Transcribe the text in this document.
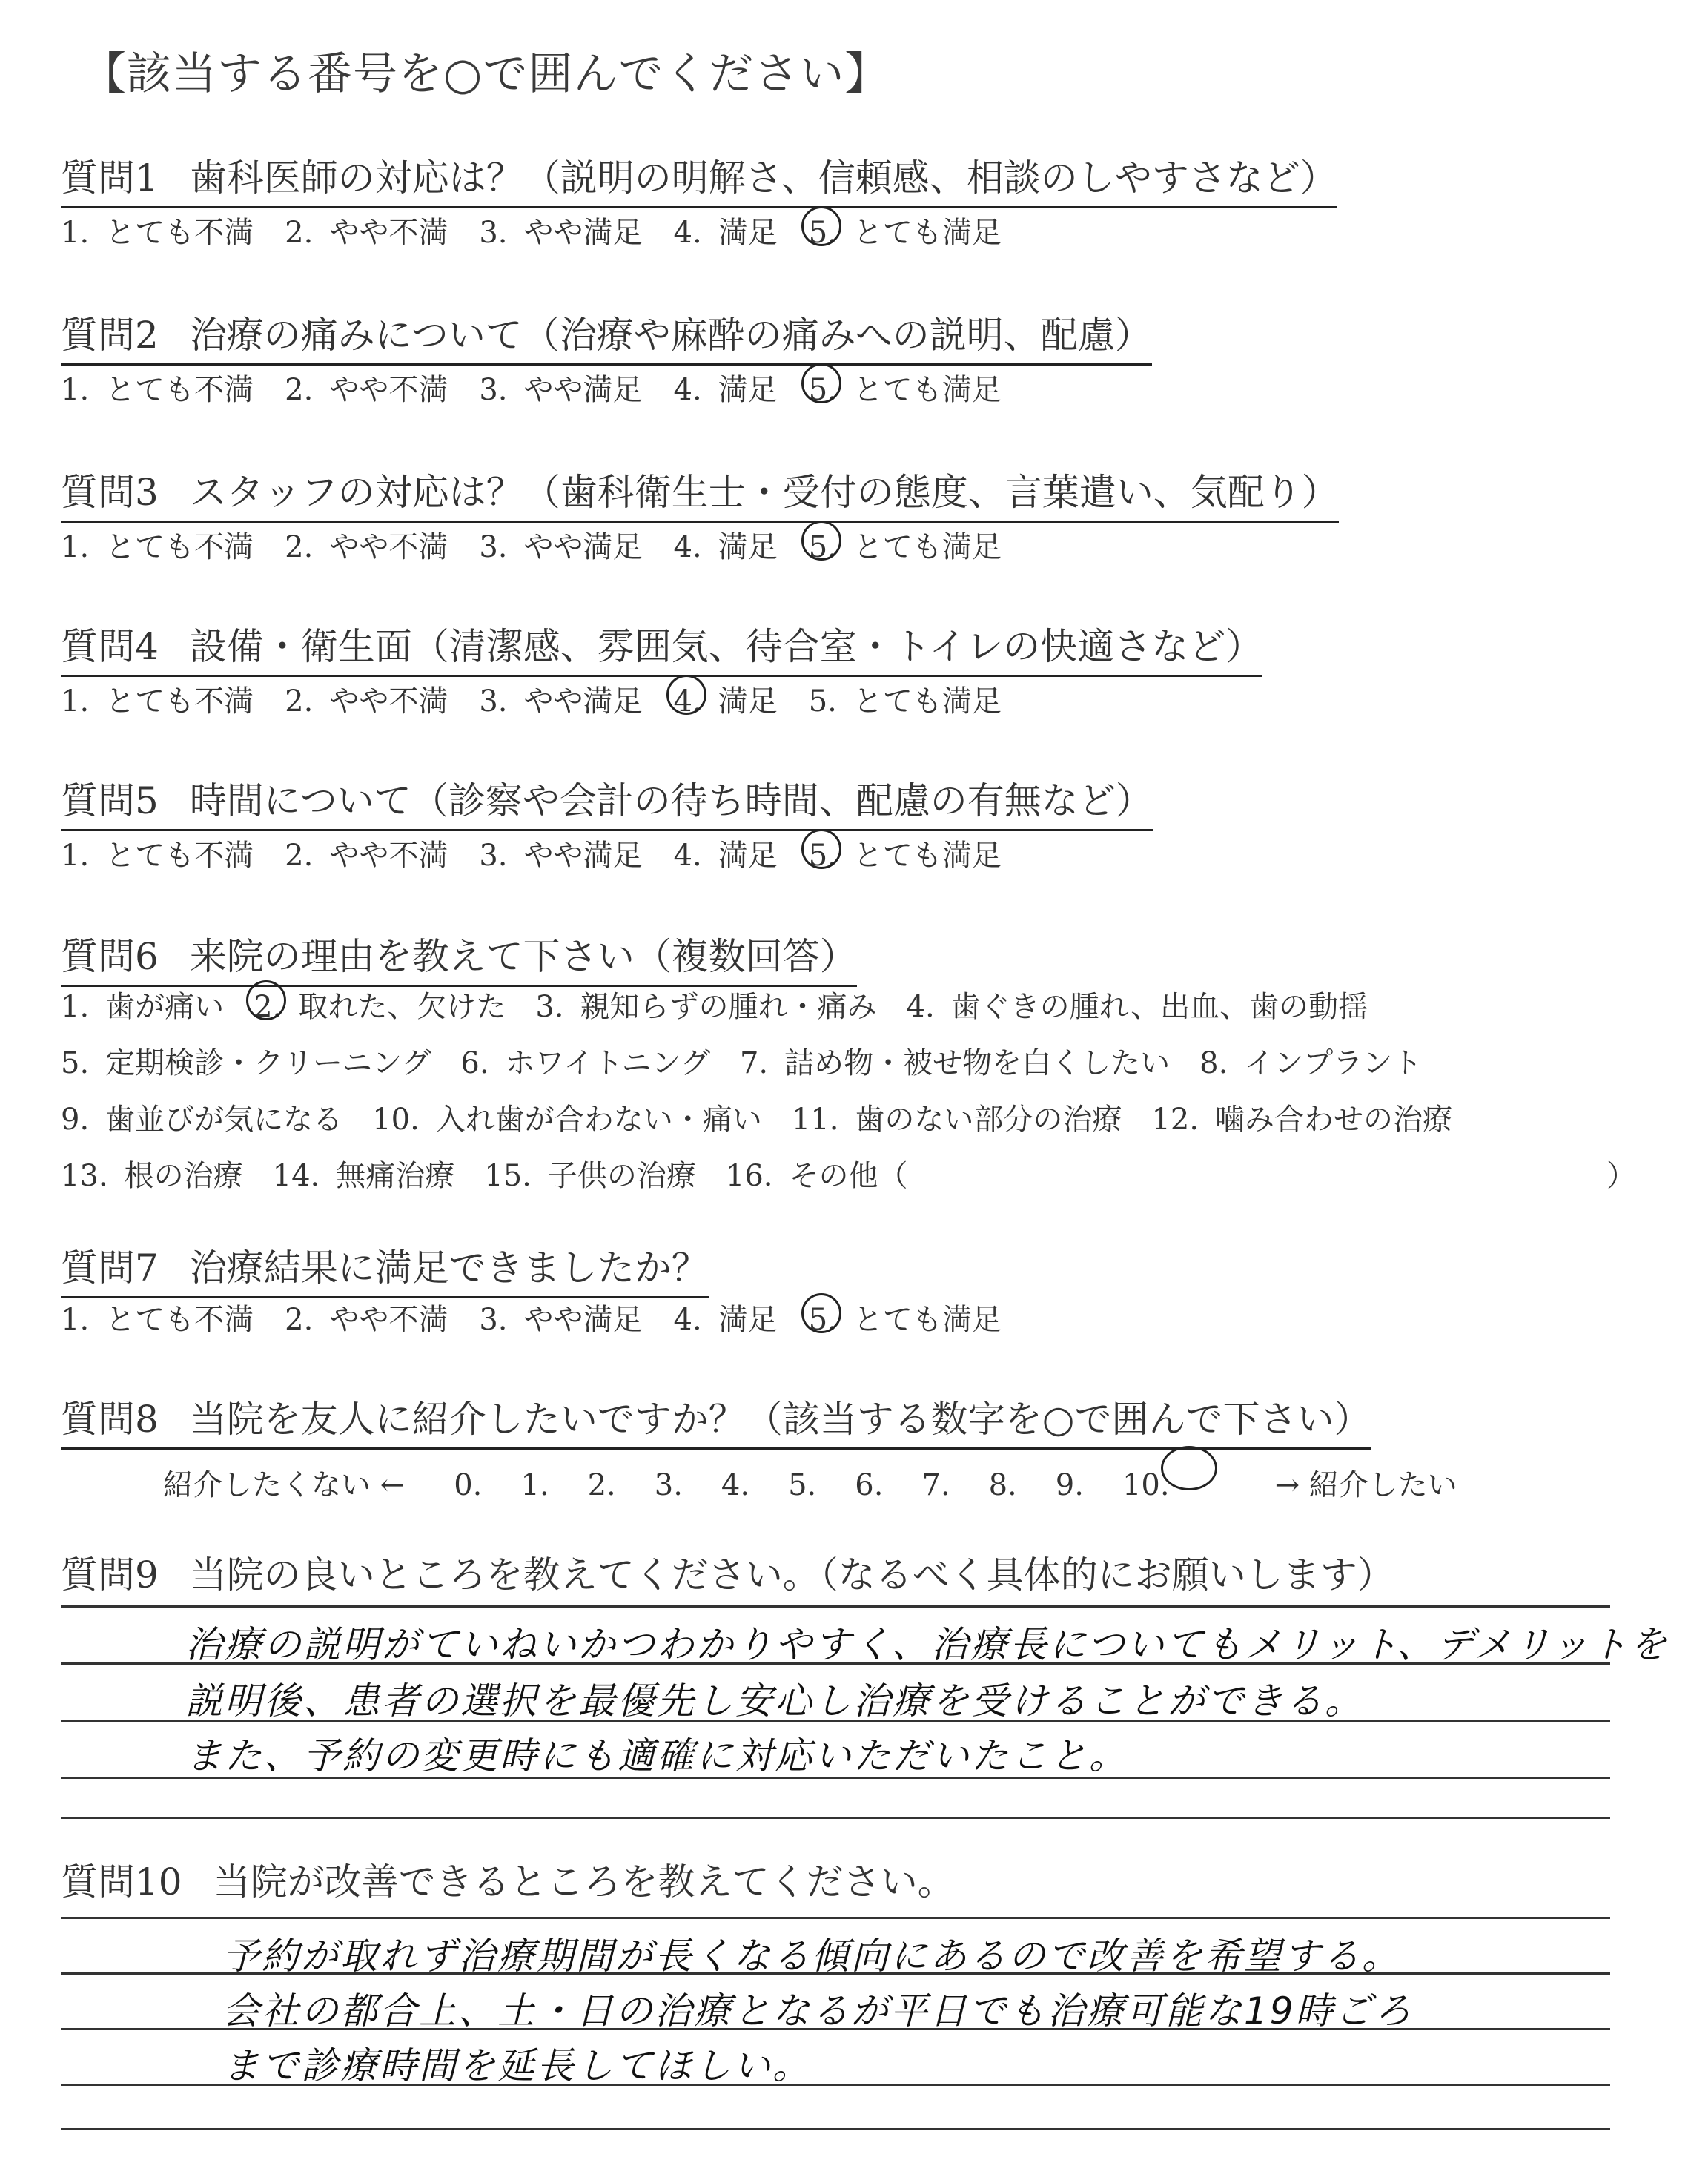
【該当する番号を○で囲んでください】
質問1 歯科医師の対応は？（説明の明解さ、信頼感、相談のしやすさなど）
1. とても不満 2. やや不満 3. やや満足 4. 満足 5. とても満足
質問2 治療の痛みについて（治療や麻酔の痛みへの説明、配慮）
1. とても不満 2. やや不満 3. やや満足 4. 満足 5. とても満足
質問3 スタッフの対応は？（歯科衛生士・受付の態度、言葉遣い、気配り）
1. とても不満 2. やや不満 3. やや満足 4. 満足 5. とても満足
質問4 設備・衛生面（清潔感、雰囲気、待合室・トイレの快適さなど）
1. とても不満 2. やや不満 3. やや満足 4. 満足 5. とても満足
質問5 時間について（診察や会計の待ち時間、配慮の有無など）
1. とても不満 2. やや不満 3. やや満足 4. 満足 5. とても満足
質問6 来院の理由を教えて下さい（複数回答）
1. 歯が痛い 2. 取れた、欠けた 3. 親知らずの腫れ・痛み 4. 歯ぐきの腫れ、出血、歯の動揺
5. 定期検診・クリーニング 6. ホワイトニング 7. 詰め物・被せ物を白くしたい 8. インプラント
9. 歯並びが気になる 10. 入れ歯が合わない・痛い 11. 歯のない部分の治療 12. 噛み合わせの治療
13. 根の治療 14. 無痛治療 15. 子供の治療 16. その他（	）
質問7 治療結果に満足できましたか？
1. とても不満 2. やや不満 3. やや満足 4. 満足 5. とても満足
質問8 当院を友人に紹介したいですか？（該当する数字を○で囲んで下さい）
紹介したくない ← 0. 1. 2. 3. 4. 5. 6. 7. 8. 9. 10.	→ 紹介したい
質問9 当院の良いところを教えてください。（なるべく具体的にお願いします）
治療の説明がていねいかつわかりやすく、治療長についてもメリット、デメリットを
説明後、患者の選択を最優先し安心し治療を受けることができる。
また、予約の変更時にも適確に対応いただいたこと。
質問10 当院が改善できるところを教えてください。
予約が取れず治療期間が長くなる傾向にあるので改善を希望する。
会社の都合上、土・日の治療となるが平日でも治療可能な19時ごろ
まで診療時間を延長してほしい。
